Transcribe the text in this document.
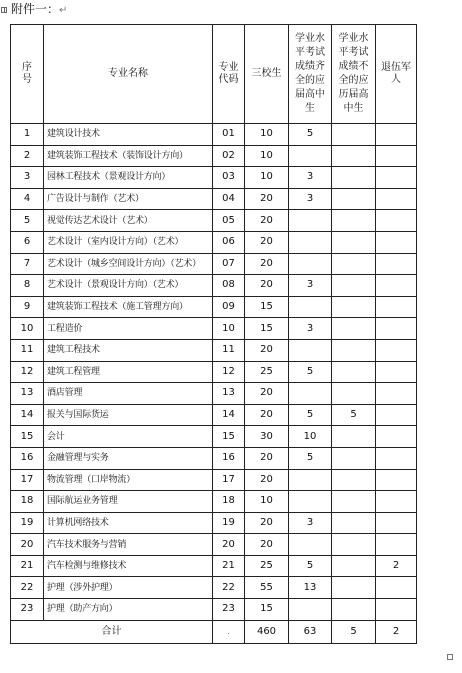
附件一：↵
序号	专业名称	专业代码	三校生	学业水平考试成绩齐全的应届高中生	学业水平考试成绩不全的应历届高中生	退伍军人
1	建筑设计技术	01	10	5		
2	建筑装饰工程技术（装饰设计方向）	02	10			
3	园林工程技术（景观设计方向）	03	10	3		
4	广告设计与制作（艺术）	04	20	3		
5	视觉传达艺术设计（艺术）	05	20			
6	艺术设计（室内设计方向）（艺术）	06	20			
7	艺术设计（城乡空间设计方向）（艺术）	07	20			
8	艺术设计（景观设计方向）（艺术）	08	20	3		
9	建筑装饰工程技术（施工管理方向）	09	15			
10	工程造价	10	15	3		
11	建筑工程技术	11	20			
12	建筑工程管理	12	25	5		
13	酒店管理	13	20			
14	报关与国际货运	14	20	5	5	
15	会计	15	30	10		
16	金融管理与实务	16	20	5		
17	物流管理（口岸物流）	17	20			
18	国际航运业务管理	18	10			
19	计算机网络技术	19	20	3		
20	汽车技术服务与营销	20	20			
21	汽车检测与维修技术	21	25	5		2
22	护理（涉外护理）	22	55	13		
23	护理（助产方向）	23	15			
合计		.	460	63	5	2
